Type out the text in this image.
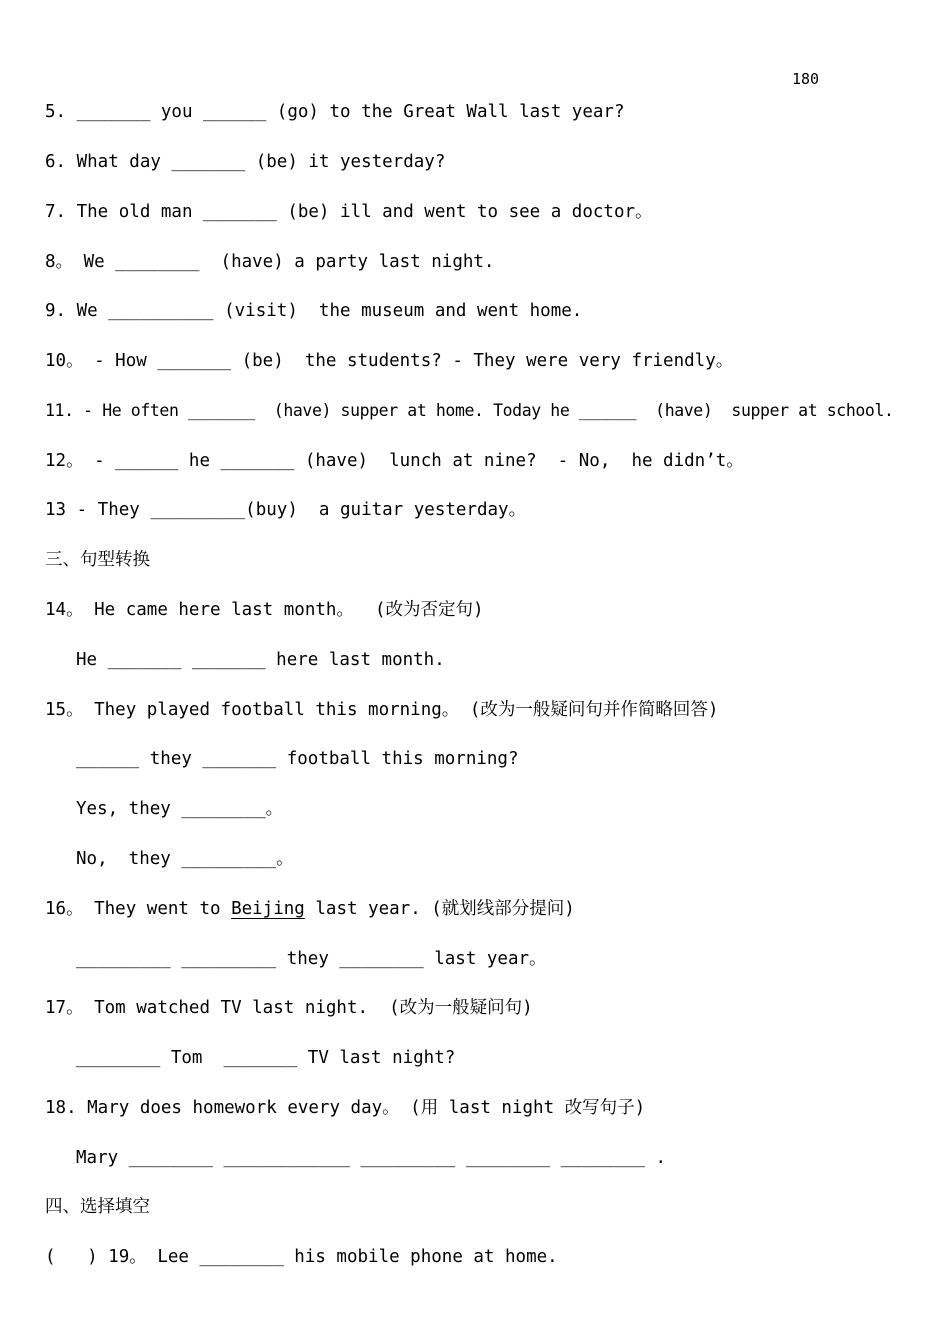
180
5. _______ you ______ (go) to the Great Wall last year?
6. What day _______ (be) it yesterday?
7. The old man _______ (be) ill and went to see a doctor。
8。 We ________  (have) a party last night.
9. We __________ (visit)  the museum and went home.
10。 - How _______ (be)  the students? - They were very friendly。
11. - He often _______  (have) supper at home. Today he ______  (have)  supper at school.
12。 - ______ he _______ (have)  lunch at nine?  - No,  he didn’t。
13 - They _________(buy)  a guitar yesterday。
三、句型转换
14。 He came here last month。  (改为否定句)
He _______ _______ here last month.
15。 They played football this morning。 (改为一般疑问句并作简略回答)
______ they _______ football this morning?
Yes, they ________。
No,  they _________。
16。 They went to Beijing last year. (就划线部分提问)
_________ _________ they ________ last year。
17。 Tom watched TV last night.  (改为一般疑问句)
________ Tom  _______ TV last night?
18. Mary does homework every day。 (用 last night 改写句子)
Mary ________ ____________ _________ ________ ________ .
四、选择填空
(   ) 19。 Lee ________ his mobile phone at home.
